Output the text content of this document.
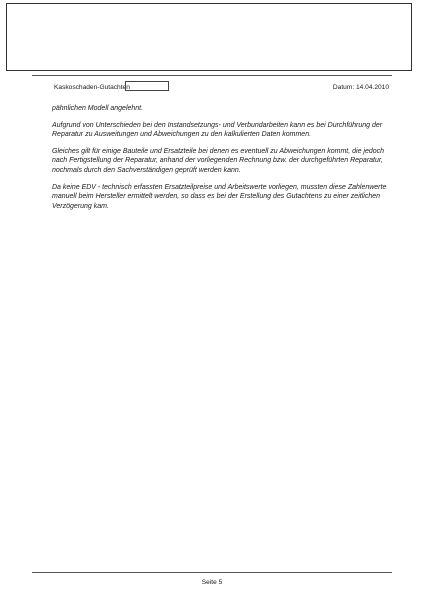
Kaskoschaden-Gutachten	Datum: 14.04.2010

pähnlichen Modell angelehnt.

Aufgrund von Unterschieden bei den Instandsetzungs- und Verbundarbeiten kann es bei Durchführung der Reparatur zu Ausweitungen und Abweichungen zu den kalkulierten Daten kommen.

Gleiches gilt für einige Bauteile und Ersatzteile bei denen es eventuell zu Abweichungen kommt, die jedoch nach Fertigstellung der Reparatur, anhand der vorliegenden Rechnung bzw. der durchgeführten Reparatur, nochmals durch den Sachverständigen geprüft werden kann.

Da keine EDV - technisch erfassten Ersatzteilpreise und Arbeitswerte vorliegen, mussten diese Zahlenwerte manuell beim Hersteller ermittelt werden, so dass es bei der Erstellung des Gutachtens zu einer zeitlichen Verzögerung kam.

Seite 5
